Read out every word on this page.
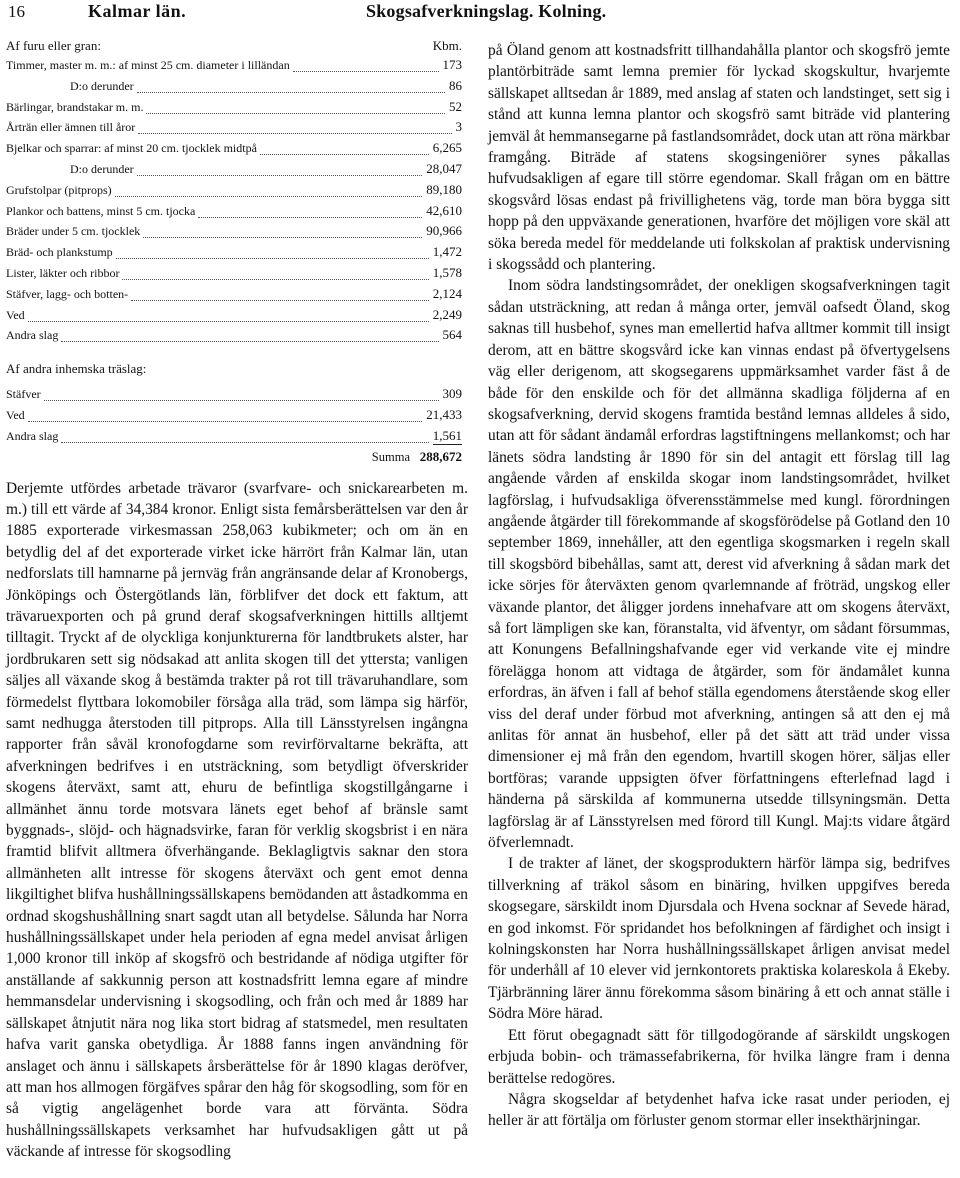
16	Kalmar län.	Skogsafverkningslag. Kolning.
Af furu eller gran:	Kbm.
Timmer, master m. m.: af minst 25 cm. diameter i lilländan	173
D:o derunder	86
Bärlingar, brandstakar m. m.	52
Årträn eller ämnen till åror	3
Bjelkar och sparrar: af minst 20 cm. tjocklek midtpå	6,265
D:o derunder	28,047
Grufstolpar (pitprops)	89,180
Plankor och battens, minst 5 cm. tjocka	42,610
Bräder under 5 cm. tjocklek	90,966
Bräd- och plankstump	1,472
Lister, läkter och ribbor	1,578
Stäfver, lagg- och botten-	2,124
Ved	2,249
Andra slag	564
Af andra inhemska träslag:
Stäfver	309
Ved	21,433
Andra slag	1,561
Summa 288,672

Derjemte utfördes arbetade trävaror (svarfvare- och snickarearbeten m. m.) till ett värde af 34,384 kronor. Enligt sista femårsberättelsen var den år 1885 exporterade virkesmassan 258,063 kubikmeter; och om än en betydlig del af det exporterade virket icke härrört från Kalmar län, utan nedforslats till hamnarne på jernväg från angränsande delar af Kronobergs, Jönköpings och Östergötlands län, förblifver det dock ett faktum, att trävaruexporten och på grund deraf skogsafverkningen hittills alltjemt tilltagit. Tryckt af de olyckliga konjunkturerna för landtbrukets alster, har jordbrukaren sett sig nödsakad att anlita skogen till det yttersta; vanligen säljes all växande skog å bestämda trakter på rot till trävaruhandlare, som förmedelst flyttbara lokomobiler försåga alla träd, som lämpa sig härför, samt nedhugga återstoden till pitprops. Alla till Länsstyrelsen ingångna rapporter från såväl kronofogdarne som revirförvaltarne bekräfta, att afverkningen bedrifves i en utsträckning, som betydligt öfverskrider skogens återväxt, samt att, ehuru de befintliga skogstillgångarne i allmänhet ännu torde motsvara länets eget behof af bränsle samt byggnads-, slöjd- och hägnadsvirke, faran för verklig skogsbrist i en nära framtid blifvit alltmera öfverhängande. Beklagligtvis saknar den stora allmänheten allt intresse för skogens återväxt och gent emot denna likgiltighet blifva hushållningssällskapens bemödanden att åstadkomma en ordnad skogshushållning snart sagdt utan all betydelse. Sålunda har Norra hushållningssällskapet under hela perioden af egna medel anvisat årligen 1,000 kronor till inköp af skogsfrö och bestridande af nödiga utgifter för anställande af sakkunnig person att kostnadsfritt lemna egare af mindre hemmansdelar undervisning i skogsodling, och från och med år 1889 har sällskapet åtnjutit nära nog lika stort bidrag af statsmedel, men resultaten hafva varit ganska obetydliga. År 1888 fanns ingen användning för anslaget och ännu i sällskapets årsberättelse för år 1890 klagas deröfver, att man hos allmogen förgäfves spårar den håg för skogsodling, som för en så vigtig angelägenhet borde vara att förvänta. Södra hushållningssällskapets verksamhet har hufvudsakligen gått ut på väckande af intresse för skogsodling

på Öland genom att kostnadsfritt tillhandahålla plantor och skogsfrö jemte plantörbiträde samt lemna premier för lyckad skogskultur, hvarjemte sällskapet alltsedan år 1889, med anslag af staten och landstinget, sett sig i stånd att kunna lemna plantor och skogsfrö samt biträde vid plantering jemväl åt hemmansegarne på fastlandsområdet, dock utan att röna märkbar framgång. Biträde af statens skogsingeniörer synes påkallas hufvudsakligen af egare till större egendomar. Skall frågan om en bättre skogsvård lösas endast på frivillighetens väg, torde man böra bygga sitt hopp på den uppväxande generationen, hvarföre det möjligen vore skäl att söka bereda medel för meddelande uti folkskolan af praktisk undervisning i skogssådd och plantering.

Inom södra landstingsområdet, der onekligen skogsafverkningen tagit sådan utsträckning, att redan å många orter, jemväl oafsedt Öland, skog saknas till husbehof, synes man emellertid hafva alltmer kommit till insigt derom, att en bättre skogsvård icke kan vinnas endast på öfvertygelsens väg eller derigenom, att skogsegarens uppmärksamhet varder fäst å de både för den enskilde och för det allmänna skadliga följderna af en skogsafverkning, dervid skogens framtida bestånd lemnas alldeles å sido, utan att för sådant ändamål erfordras lagstiftningens mellankomst; och har länets södra landsting år 1890 för sin del antagit ett förslag till lag angående vården af enskilda skogar inom landstingsområdet, hvilket lagförslag, i hufvudsakliga öfverensstämmelse med kungl. förordningen angående åtgärder till förekommande af skogsförödelse på Gotland den 10 september 1869, innehåller, att den egentliga skogsmarken i regeln skall till skogsbörd bibehållas, samt att, derest vid afverkning å sådan mark det icke sörjes för återväxten genom qvarlemnande af fröträd, ungskog eller växande plantor, det åligger jordens innehafvare att om skogens återväxt, så fort lämpligen ske kan, föranstalta, vid äfventyr, om sådant försummas, att Konungens Befallningshafvande eger vid verkande vite ej mindre föreläggа honom att vidtaga de åtgärder, som för ändamålet kunna erfordras, än äfven i fall af behof ställa egendomens återstående skog eller viss del deraf under förbud mot afverkning, antingen så att den ej må anlitas för annat än husbehof, eller på det sätt att träd under vissa dimensioner ej må från den egendom, hvartill skogen hörer, säljas eller bortföras; varande uppsigten öfver författningens efterlefnad lagd i händerna på särskilda af kommunerna utsedde tillsyningsmän. Detta lagförslag är af Länsstyrelsen med förord till Kungl. Maj:ts vidare åtgärd öfverlemnadt.

I de trakter af länet, der skogsproduktern härför lämpa sig, bedrifves tillverkning af träkol såsom en binäring, hvilken uppgifves bereda skogsegare, särskildt inom Djursdala och Hvena socknar af Sevede härad, en god inkomst. För spridandet hos befolkningen af färdighet och insigt i kolningskonsten har Norra hushållningssällskapet årligen anvisat medel för underhåll af 10 elever vid jernkontorets praktiska kolareskola å Ekeby. Tjärbränning lärer ännu förekomma såsom binäring å ett och annat ställe i Södra Möre härad.

Ett förut obegagnadt sätt för tillgodogörande af särskildt ungskogen erbjuda bobin- och trämassefabrikerna, för hvilka längre fram i denna berättelse redogöres.

Några skogseldar af betydenhet hafva icke rasat under perioden, ej heller är att förtälja om förluster genom stormar eller insekthärjningar.
